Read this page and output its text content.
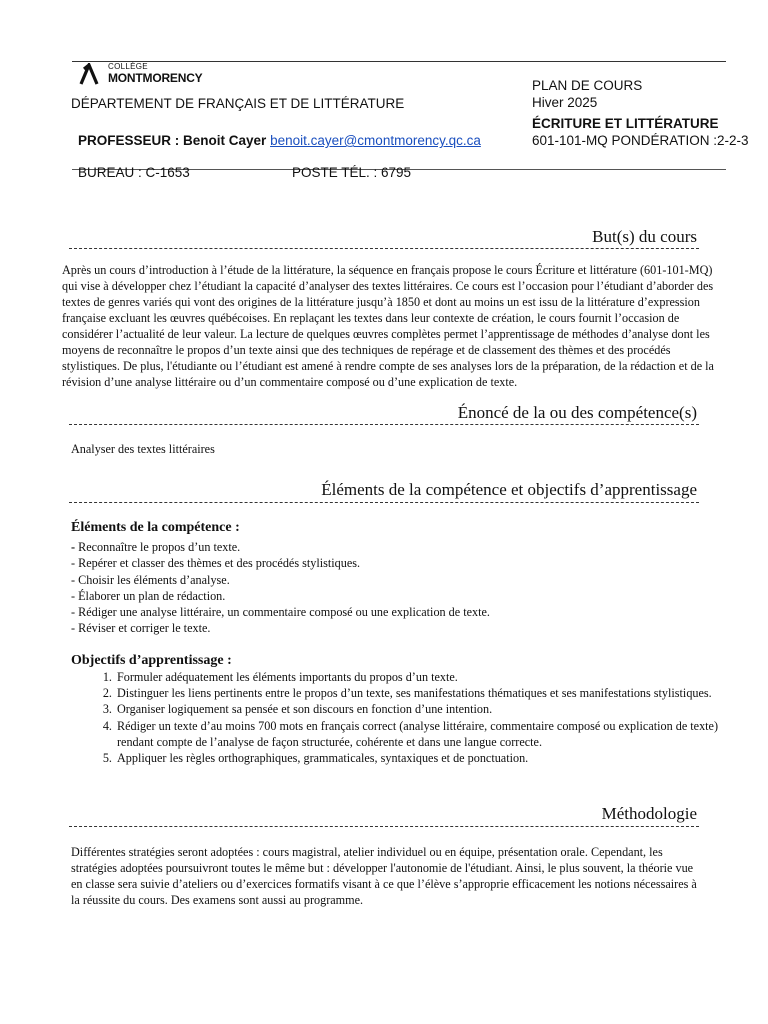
COLLÈGE
MONTMORENCY
DÉPARTEMENT DE FRANÇAIS ET DE LITTÉRATURE
PROFESSEUR : Benoit Cayer benoit.cayer@cmontmorency.qc.ca
BUREAU : C-1653	POSTE TÉL. : 6795
PLAN DE COURS
Hiver 2025
ÉCRITURE ET LITTÉRATURE
601-101-MQ PONDÉRATION :2-2-3
But(s) du cours
Après un cours d’introduction à l’étude de la littérature, la séquence en français propose le cours Écriture et littérature (601-101-MQ) qui vise à développer chez l’étudiant la capacité d’analyser des textes littéraires. Ce cours est l’occasion pour l’étudiant d’aborder des textes de genres variés qui vont des origines de la littérature jusqu’à 1850 et dont au moins un est issu de la littérature d’expression française excluant les œuvres québécoises. En replaçant les textes dans leur contexte de création, le cours fournit l’occasion de considérer l’actualité de leur valeur. La lecture de quelques œuvres complètes permet l’apprentissage de méthodes d’analyse dont les moyens de reconnaître le propos d’un texte ainsi que des techniques de repérage et de classement des thèmes et des procédés stylistiques. De plus, l'étudiante ou l’étudiant est amené à rendre compte de ses analyses lors de la préparation, de la rédaction et de la révision d’une analyse littéraire ou d’un commentaire composé ou d’une explication de texte.
Énoncé de la ou des compétence(s)
Analyser des textes littéraires
Éléments de la compétence et objectifs d’apprentissage
Éléments de la compétence :
- Reconnaître le propos d’un texte.
- Repérer et classer des thèmes et des procédés stylistiques.
- Choisir les éléments d’analyse.
- Élaborer un plan de rédaction.
- Rédiger une analyse littéraire, un commentaire composé ou une explication de texte.
- Réviser et corriger le texte.
Objectifs d’apprentissage :
1. Formuler adéquatement les éléments importants du propos d’un texte.
2. Distinguer les liens pertinents entre le propos d’un texte, ses manifestations thématiques et ses manifestations stylistiques.
3. Organiser logiquement sa pensée et son discours en fonction d’une intention.
4. Rédiger un texte d’au moins 700 mots en français correct (analyse littéraire, commentaire composé ou explication de texte) rendant compte de l’analyse de façon structurée, cohérente et dans une langue correcte.
5. Appliquer les règles orthographiques, grammaticales, syntaxiques et de ponctuation.
Méthodologie
Différentes stratégies seront adoptées : cours magistral, atelier individuel ou en équipe, présentation orale. Cependant, les stratégies adoptées poursuivront toutes le même but : développer l'autonomie de l'étudiant. Ainsi, le plus souvent, la théorie vue en classe sera suivie d’ateliers ou d’exercices formatifs visant à ce que l’élève s’approprie efficacement les notions nécessaires à la réussite du cours. Des examens sont aussi au programme.
